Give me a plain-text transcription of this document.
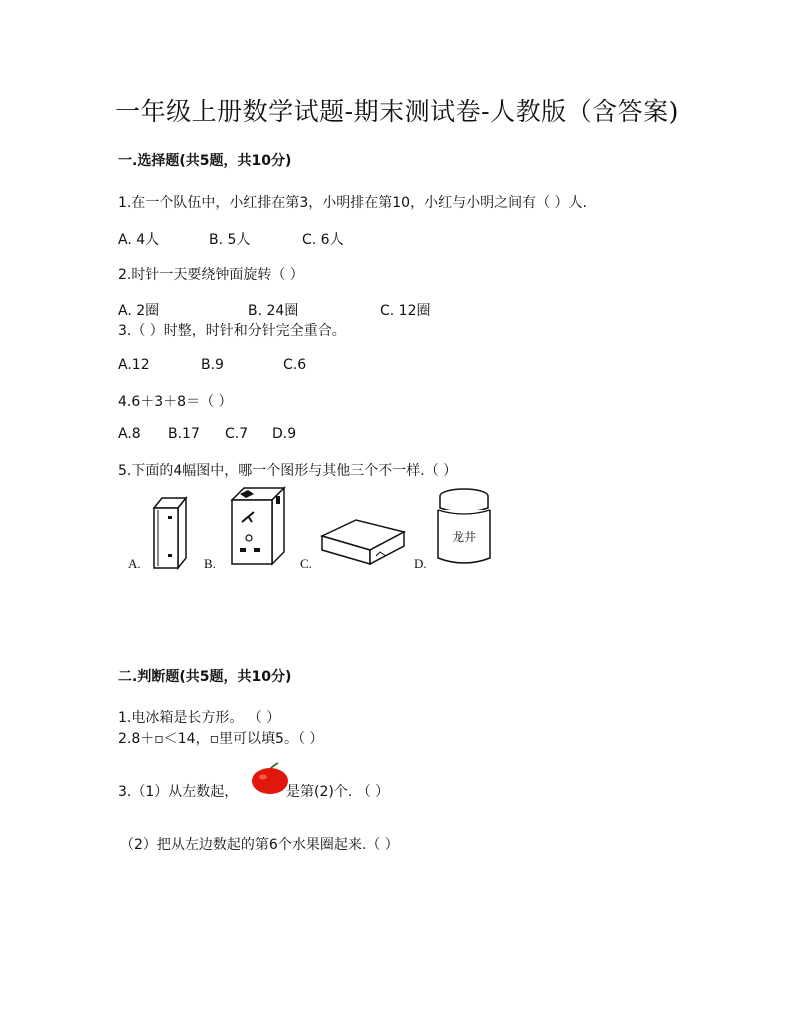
一年级上册数学试题-期末测试卷-人教版（含答案)
一.选择题(共5题，共10分)
1.在一个队伍中，小红排在第3，小明排在第10，小红与小明之间有（ ）人.
A. 4人	B. 5人	C. 6人
2.时针一天要绕钟面旋转（ ）
A. 2圈	B. 24圈	C. 12圈
3.（ ）时整，时针和分针完全重合。
A.12	B.9	C.6
4.6＋3＋8＝（ ）
A.8 B.17 C.7 D.9
5.下面的4幅图中，哪一个图形与其他三个不一样.（ ）
A.	B.	C.	D.
龙井
二.判断题(共5题，共10分)
1.电冰箱是长方形。 （ ）
2.8＋▫＜14，▫里可以填5。（ ）
3.（1）从左数起，	是第(2)个. （ ）
（2）把从左边数起的第6个水果圈起来.（ ）
